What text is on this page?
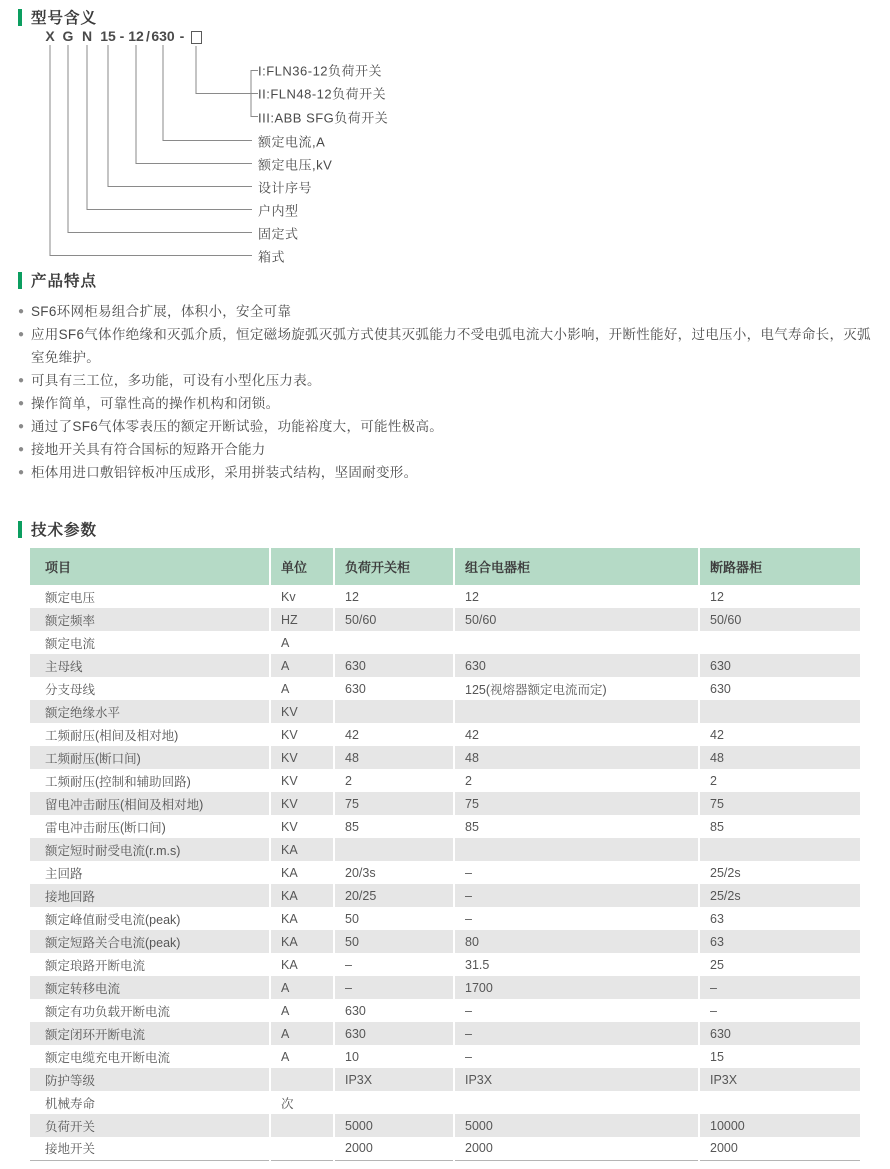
型号含义
X G N 15 - 12 / 630 -
I:FLN36-12负荷开关
II:FLN48-12负荷开关
III:ABB SFG负荷开关
额定电流,A
额定电压,kV
设计序号
户内型
固定式
箱式
产品特点
● SF6环网柜易组合扩展，体积小，安全可靠
● 应用SF6气体作绝缘和灭弧介质，恒定磁场旋弧灭弧方式使其灭弧能力不受电弧电流大小影响，开断性能好，过电压小，电气寿命长，灭弧室免维护。
● 可具有三工位，多功能，可设有小型化压力表。
● 操作简单，可靠性高的操作机构和闭锁。
● 通过了SF6气体零表压的额定开断试验，功能裕度大，可能性极高。
● 接地开关具有符合国标的短路开合能力
● 柜体用进口敷铝锌板冲压成形，采用拼装式结构，坚固耐变形。
技术参数
项目	单位	负荷开关柜	组合电器柜	断路器柜
额定电压	Kv	12	12	12
额定频率	HZ	50/60	50/60	50/60
额定电流	A			
主母线	A	630	630	630
分支母线	A	630	125(视熔器额定电流而定)	630
额定绝缘水平	KV			
工频耐压(相间及相对地)	KV	42	42	42
工频耐压(断口间)	KV	48	48	48
工频耐压(控制和辅助回路)	KV	2	2	2
留电冲击耐压(相间及相对地)	KV	75	75	75
雷电冲击耐压(断口间)	KV	85	85	85
额定短时耐受电流(r.m.s)	KA			
主回路	KA	20/3s	–	25/2s
接地回路	KA	20/25	–	25/2s
额定峰值耐受电流(peak)	KA	50	–	63
额定短路关合电流(peak)	KA	50	80	63
额定琅路开断电流	KA	–	31.5	25
额定转移电流	A	–	1700	–
额定有功负载开断电流	A	630	–	–
额定闭环开断电流	A	630	–	630
额定电缆充电开断电流	A	10	–	15
防护等级		IP3X	IP3X	IP3X
机械寿命	次			
负荷开关		5000	5000	10000
接地开关		2000	2000	2000
